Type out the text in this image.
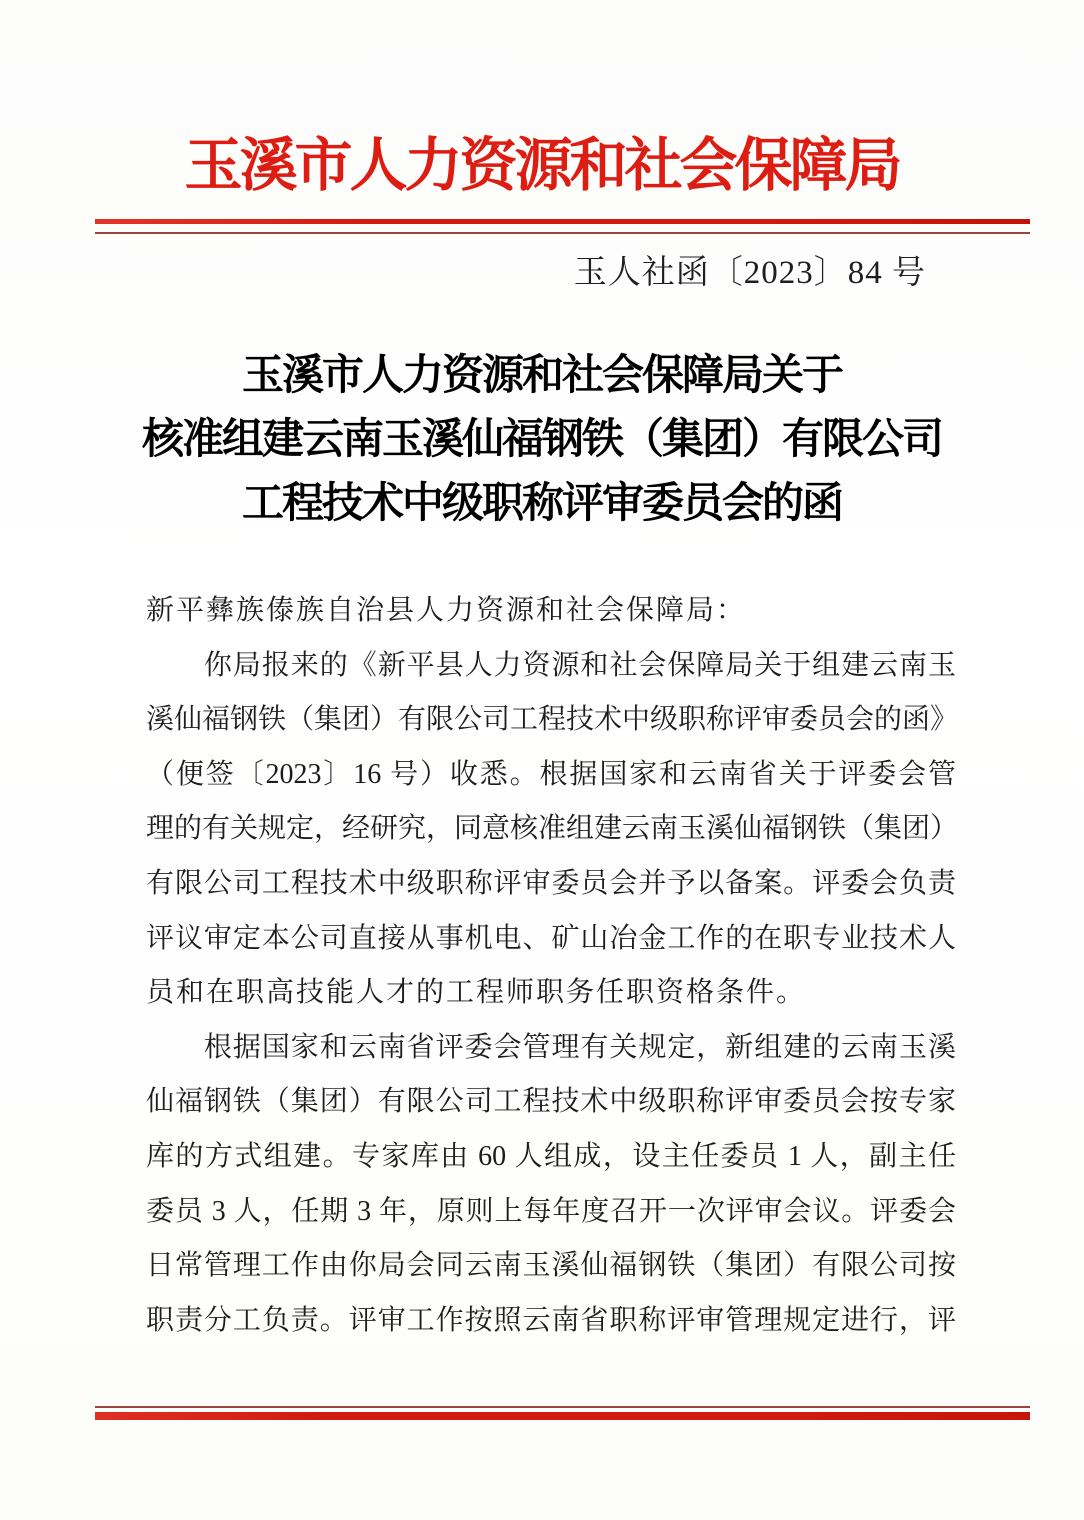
玉溪市人力资源和社会保障局
玉人社函〔2023〕84 号
玉溪市人力资源和社会保障局关于
核准组建云南玉溪仙福钢铁（集团）有限公司
工程技术中级职称评审委员会的函
新平彝族傣族自治县人力资源和社会保障局：
　　你局报来的《新平县人力资源和社会保障局关于组建云南玉
溪仙福钢铁（集团）有限公司工程技术中级职称评审委员会的函》
（便签〔2023〕16 号）收悉。根据国家和云南省关于评委会管
理的有关规定，经研究，同意核准组建云南玉溪仙福钢铁（集团）
有限公司工程技术中级职称评审委员会并予以备案。评委会负责
评议审定本公司直接从事机电、矿山冶金工作的在职专业技术人
员和在职高技能人才的工程师职务任职资格条件。
　　根据国家和云南省评委会管理有关规定，新组建的云南玉溪
仙福钢铁（集团）有限公司工程技术中级职称评审委员会按专家
库的方式组建。专家库由 60 人组成，设主任委员 1 人，副主任
委员 3 人，任期 3 年，原则上每年度召开一次评审会议。评委会
日常管理工作由你局会同云南玉溪仙福钢铁（集团）有限公司按
职责分工负责。评审工作按照云南省职称评审管理规定进行，评
